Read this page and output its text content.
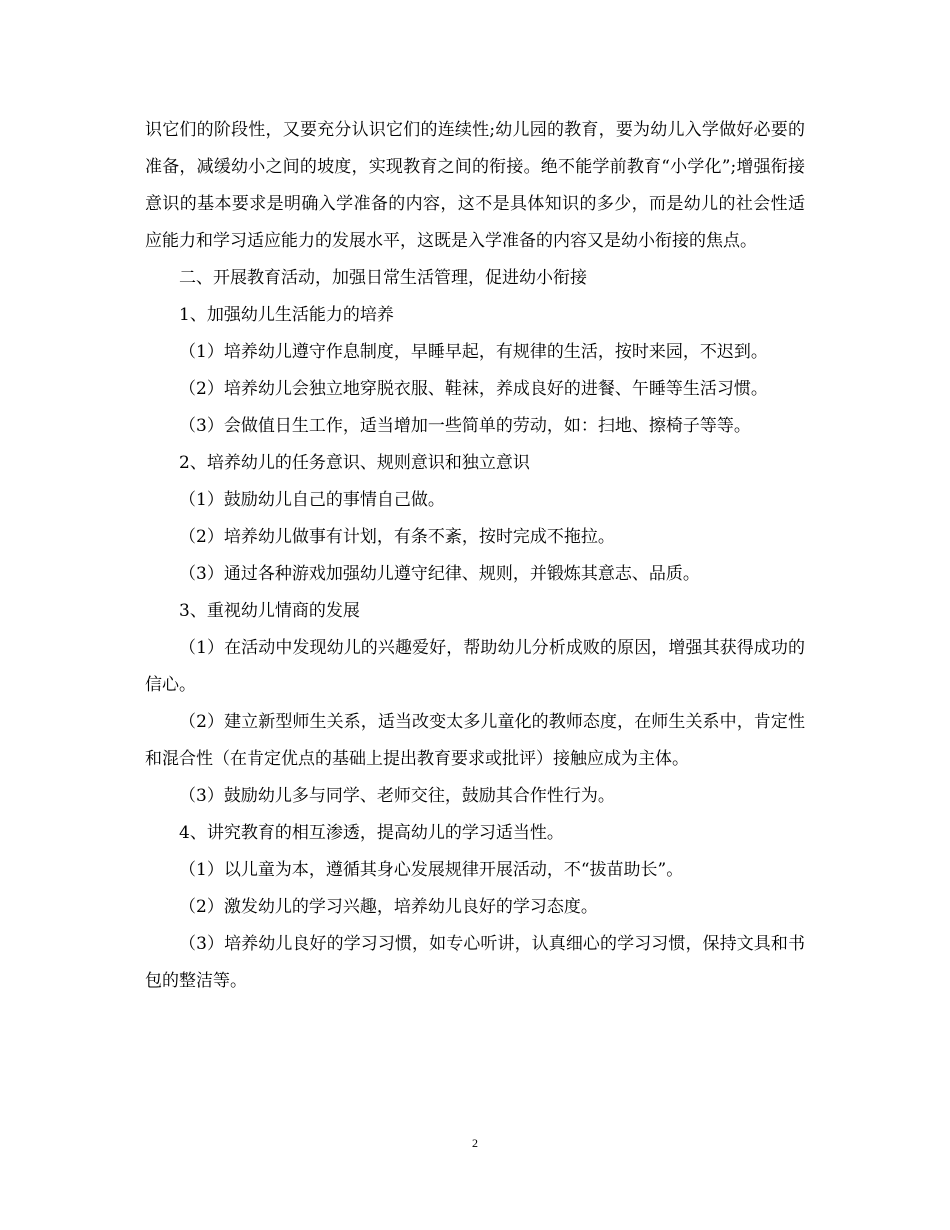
识它们的阶段性，又要充分认识它们的连续性;幼儿园的教育，要为幼儿入学做好必要的准备，减缓幼小之间的坡度，实现教育之间的衔接。绝不能学前教育“小学化”;增强衔接意识的基本要求是明确入学准备的内容，这不是具体知识的多少，而是幼儿的社会性适应能力和学习适应能力的发展水平，这既是入学准备的内容又是幼小衔接的焦点。

二、开展教育活动，加强日常生活管理，促进幼小衔接

1、加强幼儿生活能力的培养

（1）培养幼儿遵守作息制度，早睡早起，有规律的生活，按时来园，不迟到。

（2）培养幼儿会独立地穿脱衣服、鞋袜，养成良好的进餐、午睡等生活习惯。

（3）会做值日生工作，适当增加一些简单的劳动，如：扫地、擦椅子等等。

2、培养幼儿的任务意识、规则意识和独立意识

（1）鼓励幼儿自己的事情自己做。

（2）培养幼儿做事有计划，有条不紊，按时完成不拖拉。

（3）通过各种游戏加强幼儿遵守纪律、规则，并锻炼其意志、品质。

3、重视幼儿情商的发展

（1）在活动中发现幼儿的兴趣爱好，帮助幼儿分析成败的原因，增强其获得成功的信心。

（2）建立新型师生关系，适当改变太多儿童化的教师态度，在师生关系中，肯定性和混合性（在肯定优点的基础上提出教育要求或批评）接触应成为主体。

（3）鼓励幼儿多与同学、老师交往，鼓励其合作性行为。

4、讲究教育的相互渗透，提高幼儿的学习适当性。

（1）以儿童为本，遵循其身心发展规律开展活动，不“拔苗助长”。

（2）激发幼儿的学习兴趣，培养幼儿良好的学习态度。

（3）培养幼儿良好的学习习惯，如专心听讲，认真细心的学习习惯，保持文具和书包的整洁等。

2
